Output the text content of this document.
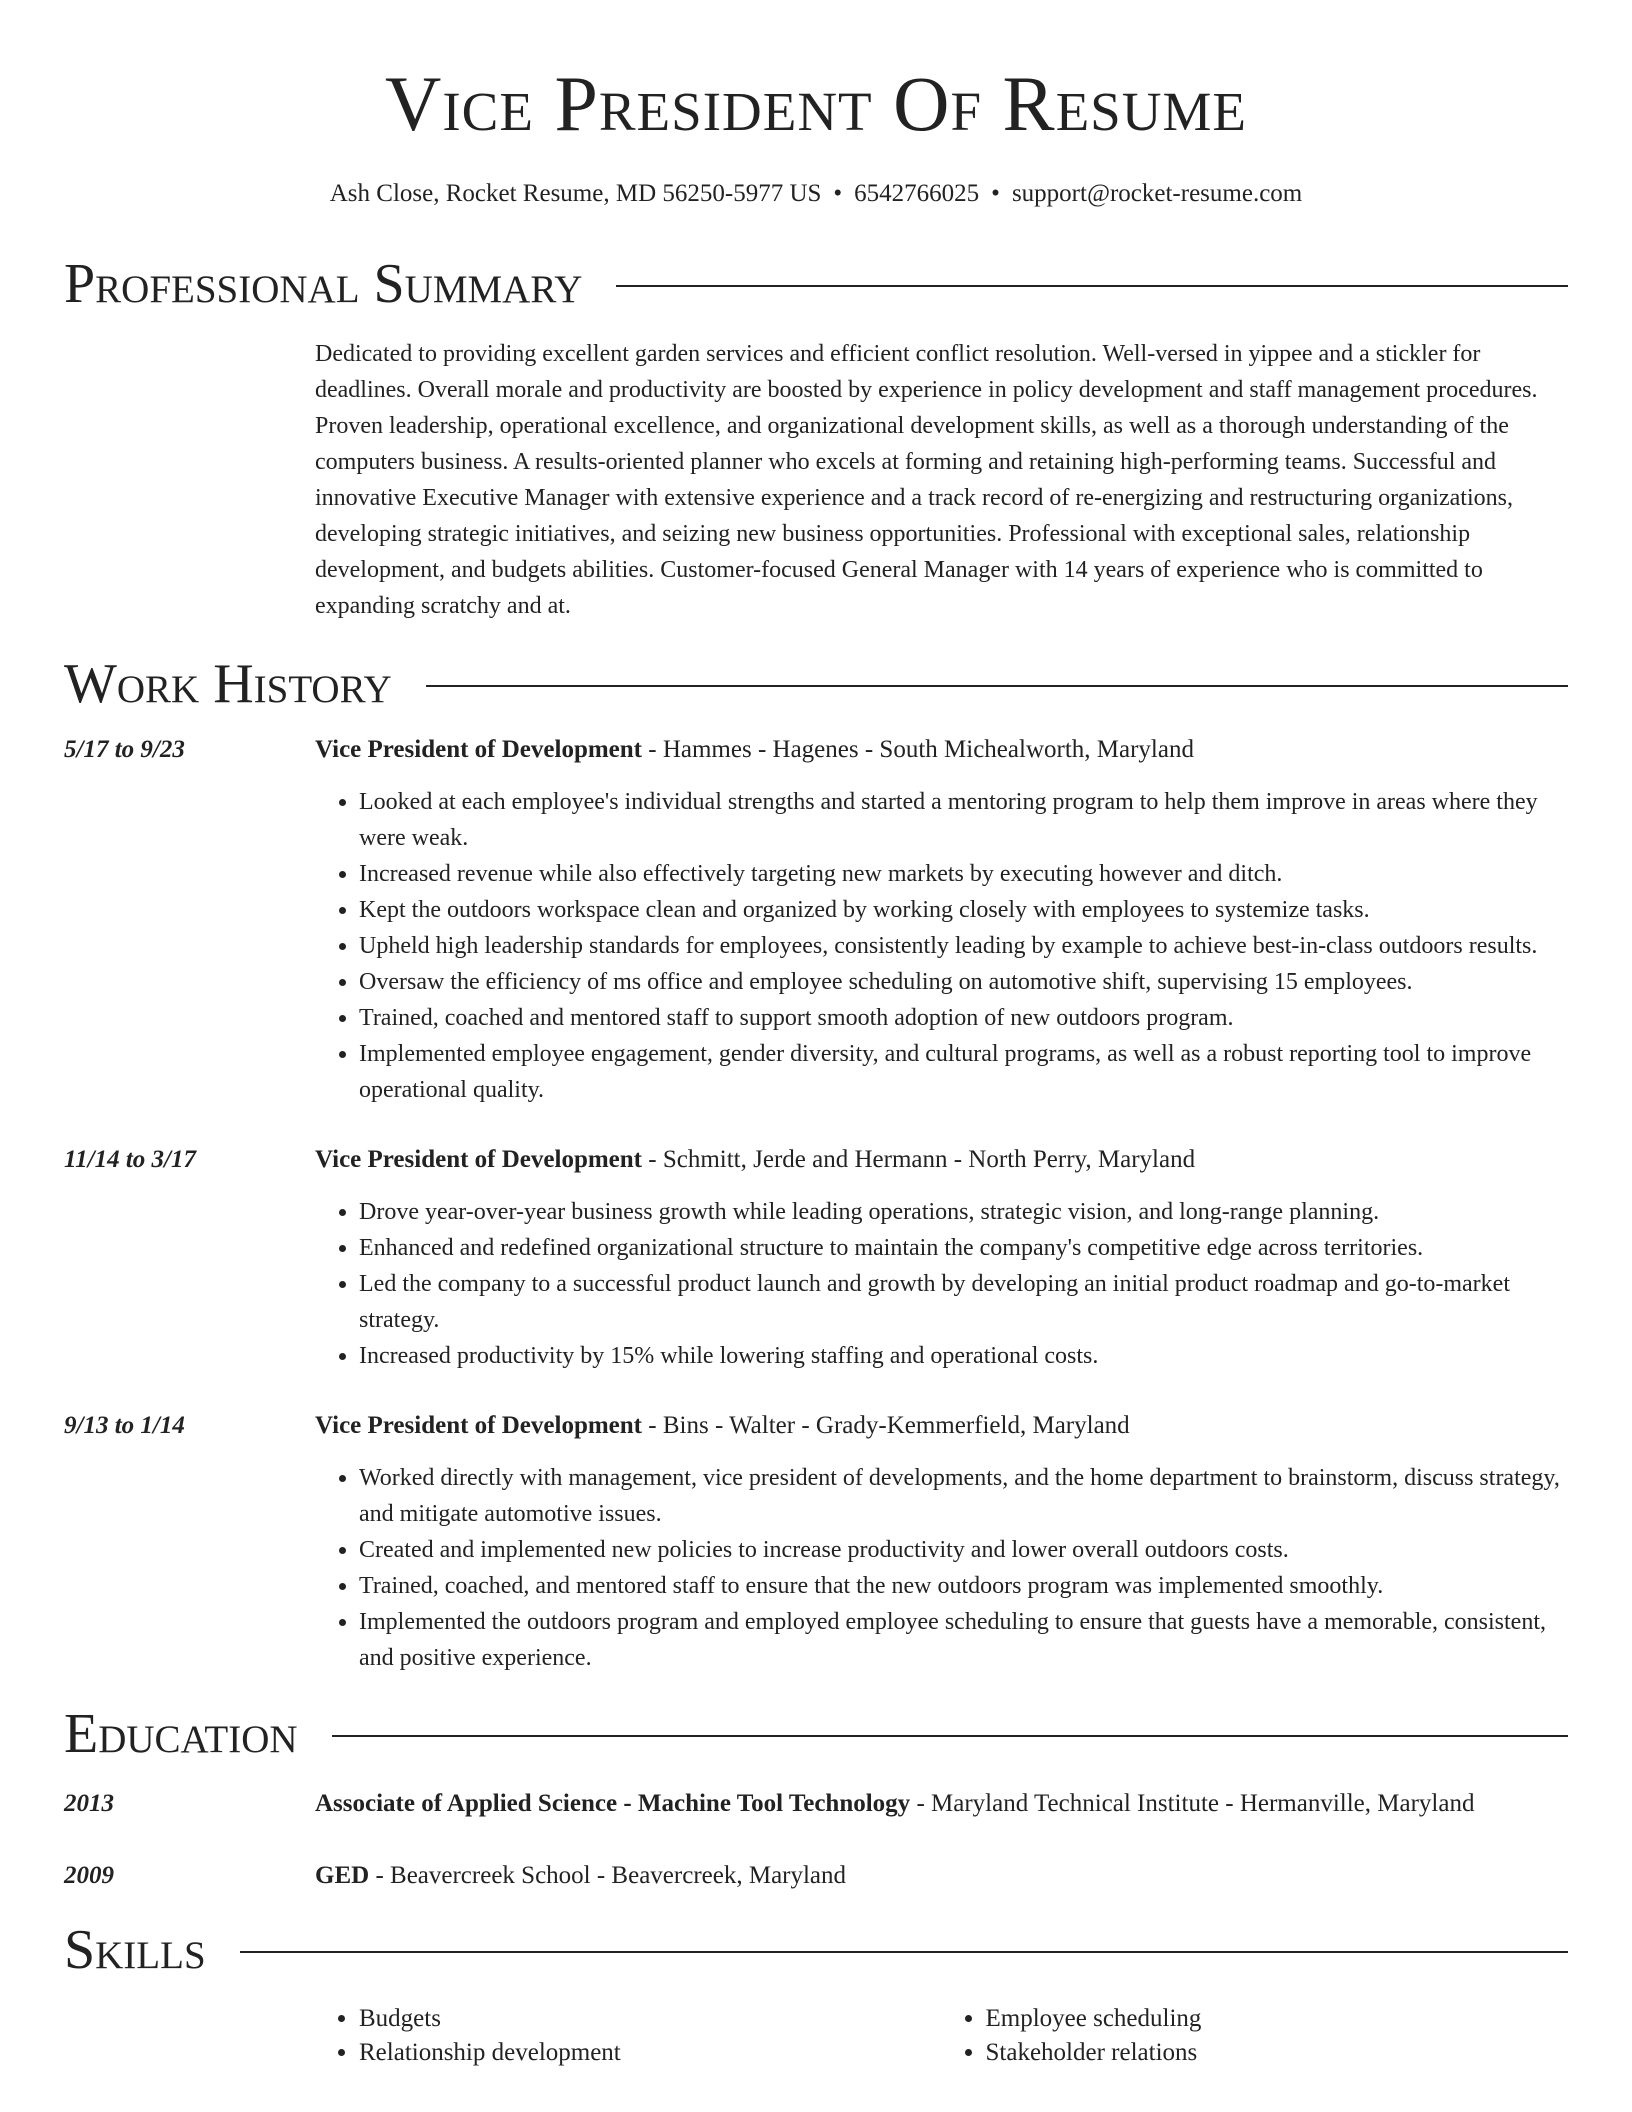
Vice President Of Resume
Ash Close, Rocket Resume, MD 56250-5977 US • 6542766025 • support@rocket-resume.com
Professional Summary

Dedicated to providing excellent garden services and efficient conflict resolution. Well-versed in yippee and a stickler for deadlines. Overall morale and productivity are boosted by experience in policy development and staff management procedures. Proven leadership, operational excellence, and organizational development skills, as well as a thorough understanding of the computers business. A results-oriented planner who excels at forming and retaining high-performing teams. Successful and innovative Executive Manager with extensive experience and a track record of re-energizing and restructuring organizations, developing strategic initiatives, and seizing new business opportunities. Professional with exceptional sales, relationship development, and budgets abilities. Customer-focused General Manager with 14 years of experience who is committed to expanding scratchy and at.

Work History
5/17 to 9/23	Vice President of Development - Hammes - Hagenes - South Michealworth, Maryland
• Looked at each employee's individual strengths and started a mentoring program to help them improve in areas where they were weak.
• Increased revenue while also effectively targeting new markets by executing however and ditch.
• Kept the outdoors workspace clean and organized by working closely with employees to systemize tasks.
• Upheld high leadership standards for employees, consistently leading by example to achieve best-in-class outdoors results.
• Oversaw the efficiency of ms office and employee scheduling on automotive shift, supervising 15 employees.
• Trained, coached and mentored staff to support smooth adoption of new outdoors program.
• Implemented employee engagement, gender diversity, and cultural programs, as well as a robust reporting tool to improve operational quality.
11/14 to 3/17	Vice President of Development - Schmitt, Jerde and Hermann - North Perry, Maryland
• Drove year-over-year business growth while leading operations, strategic vision, and long-range planning.
• Enhanced and redefined organizational structure to maintain the company's competitive edge across territories.
• Led the company to a successful product launch and growth by developing an initial product roadmap and go-to-market strategy.
• Increased productivity by 15% while lowering staffing and operational costs.
9/13 to 1/14	Vice President of Development - Bins - Walter - Grady-Kemmerfield, Maryland
• Worked directly with management, vice president of developments, and the home department to brainstorm, discuss strategy, and mitigate automotive issues.
• Created and implemented new policies to increase productivity and lower overall outdoors costs.
• Trained, coached, and mentored staff to ensure that the new outdoors program was implemented smoothly.
• Implemented the outdoors program and employed employee scheduling to ensure that guests have a memorable, consistent, and positive experience.
Education
2013	Associate of Applied Science - Machine Tool Technology - Maryland Technical Institute - Hermanville, Maryland
2009	GED - Beavercreek School - Beavercreek, Maryland
Skills
• Budgets
• Relationship development
• Employee scheduling
• Stakeholder relations
